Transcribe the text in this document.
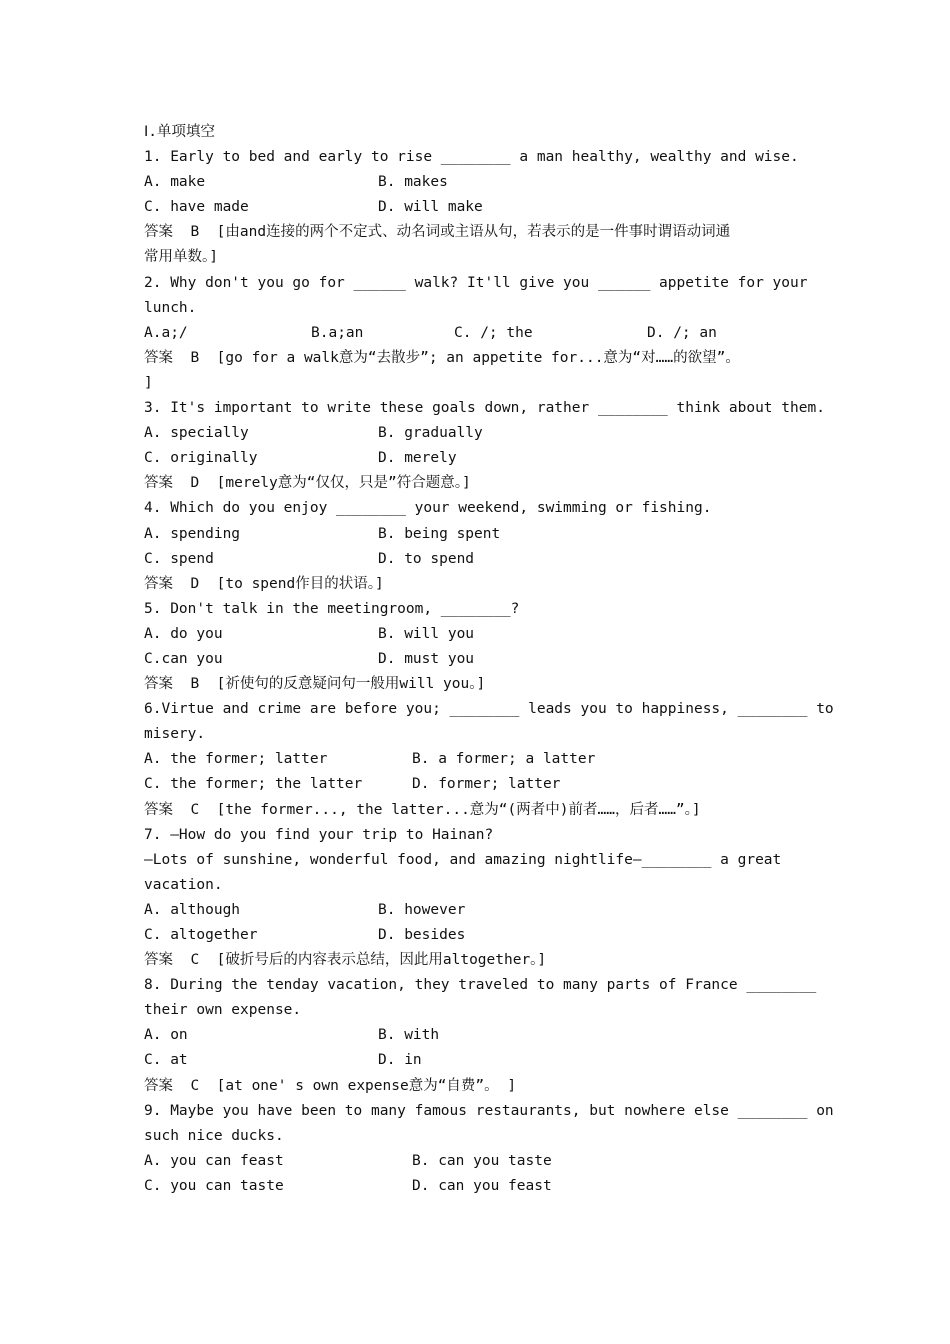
Ⅰ.单项填空
1. Early to bed and early to rise ________ a man healthy, wealthy and wise.
A. make	B. makes
C. have made	D. will make
答案  B  [由and连接的两个不定式、动名词或主语从句，若表示的是一件事时谓语动词通
常用单数。]
2. Why don't you go for ______ walk? It'll give you ______ appetite for your
lunch.
A.a;/	B.a;an	C. /; the	D. /; an
答案  B  [go for a walk意为“去散步”; an appetite for...意为“对……的欲望”。
]
3. It's important to write these goals down, rather ________ think about them.
A. specially	B. gradually
C. originally	D. merely
答案  D  [merely意为“仅仅，只是”符合题意。]
4. Which do you enjoy ________ your weekend, swimming or fishing.
A. spending	B. being spent
C. spend	D. to spend
答案  D  [to spend作目的状语。]
5. Don't talk in the meetingroom, ________?
A. do you	B. will you
C.can you	D. must you
答案  B  [祈使句的反意疑问句一般用will you。]
6.Virtue and crime are before you; ________ leads you to happiness, ________ to
misery.
A. the former; latter	B. a former; a latter
C. the former; the latter	D. former; latter
答案  C  [the former..., the latter...意为“(两者中)前者……，后者……”。]
7. —How do you find your trip to Hainan?
—Lots of sunshine, wonderful food, and amazing nightlife—________ a great
vacation.
A. although	B. however
C. altogether	D. besides
答案  C  [破折号后的内容表示总结，因此用altogether。]
8. During the tenday vacation, they traveled to many parts of France ________
their own expense.
A. on	B. with
C. at	D. in
答案  C  [at one' s own expense意为“自费”。 ]
9. Maybe you have been to many famous restaurants, but nowhere else ________ on
such nice ducks.
A. you can feast	B. can you taste
C. you can taste	D. can you feast
